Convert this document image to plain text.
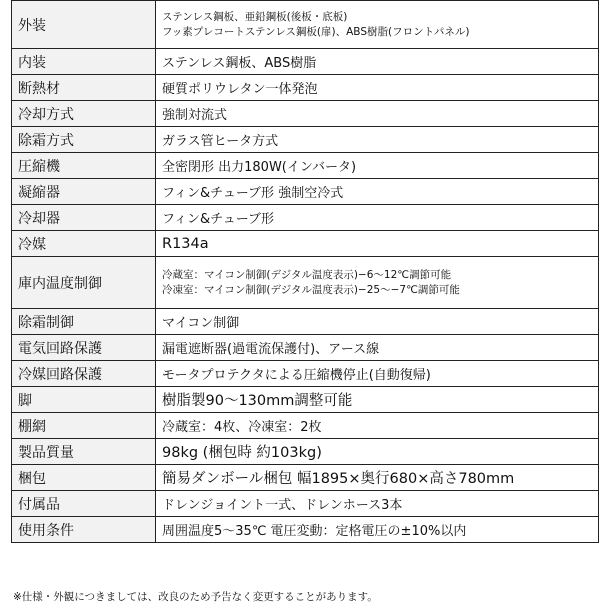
外装	ステンレス鋼板、亜鉛鋼板(後板・底板)
フッ素プレコートステンレス鋼板(扉)、ABS樹脂(フロントパネル)

内装	ステンレス鋼板、ABS樹脂

断熱材	硬質ポリウレタン一体発泡

冷却方式	強制対流式

除霜方式	ガラス管ヒータ方式

圧縮機	全密閉形 出力180W(インバータ)

凝縮器	フィン&チューブ形 強制空冷式

冷却器	フィン&チューブ形

冷媒	R134a

庫内温度制御	冷蔵室：マイコン制御(デジタル温度表示)−6〜12℃調節可能
冷凍室：マイコン制御(デジタル温度表示)−25〜−7℃調節可能

除霜制御	マイコン制御

電気回路保護	漏電遮断器(過電流保護付)、アース線

冷媒回路保護	モータプロテクタによる圧縮機停止(自動復帰)

脚	樹脂製90〜130mm調整可能

棚網	冷蔵室：4枚、冷凍室：2枚

製品質量	98kg (梱包時 約103kg)

梱包	簡易ダンボール梱包 幅1895×奥行680×高さ780mm

付属品	ドレンジョイント一式、ドレンホース3本

使用条件	周囲温度5〜35℃ 電圧変動：定格電圧の±10%以内
※仕様・外観につきましては、改良のため予告なく変更することがあります。
